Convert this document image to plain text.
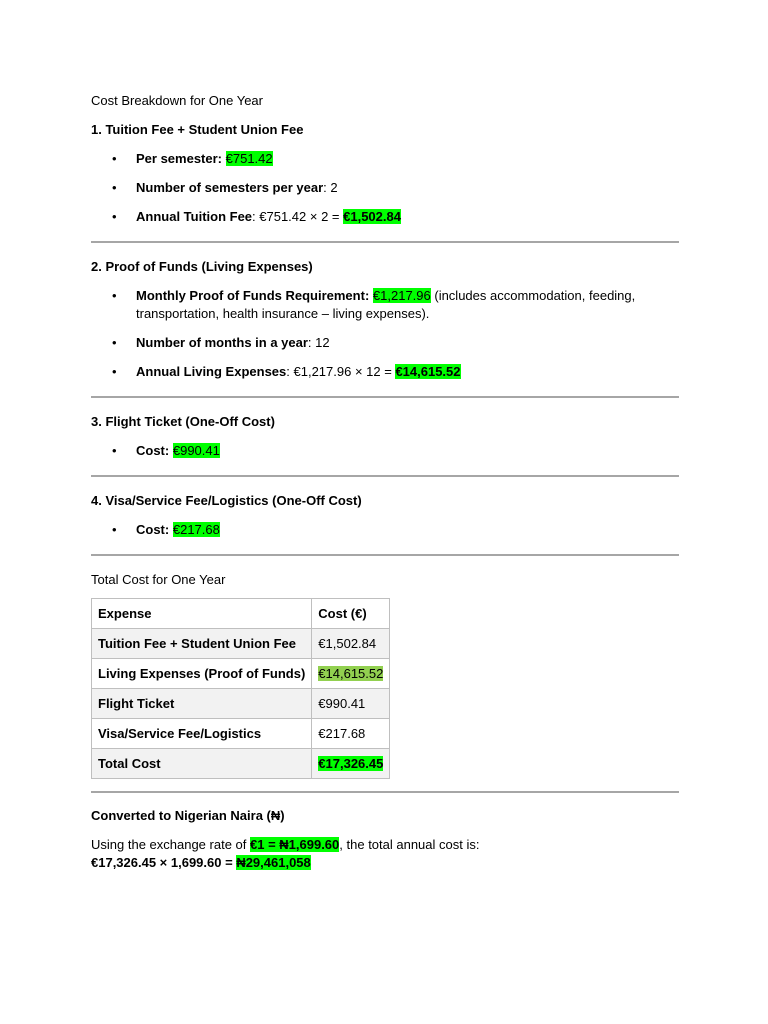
Cost Breakdown for One Year
1. Tuition Fee + Student Union Fee
• Per semester: €751.42
• Number of semesters per year: 2
• Annual Tuition Fee: €751.42 × 2 = €1,502.84
2. Proof of Funds (Living Expenses)
• Monthly Proof of Funds Requirement: €1,217.96 (includes accommodation, feeding,
transportation, health insurance – living expenses).
• Number of months in a year: 12
• Annual Living Expenses: €1,217.96 × 12 = €14,615.52
3. Flight Ticket (One-Off Cost)
• Cost: €990.41
4. Visa/Service Fee/Logistics (One-Off Cost)
• Cost: €217.68
Total Cost for One Year
Expense	Cost (€)
Tuition Fee + Student Union Fee	€1,502.84
Living Expenses (Proof of Funds)	€14,615.52
Flight Ticket	€990.41
Visa/Service Fee/Logistics	€217.68
Total Cost	€17,326.45
Converted to Nigerian Naira (₦)
Using the exchange rate of €1 = ₦1,699.60, the total annual cost is:
€17,326.45 × 1,699.60 = ₦29,461,058
